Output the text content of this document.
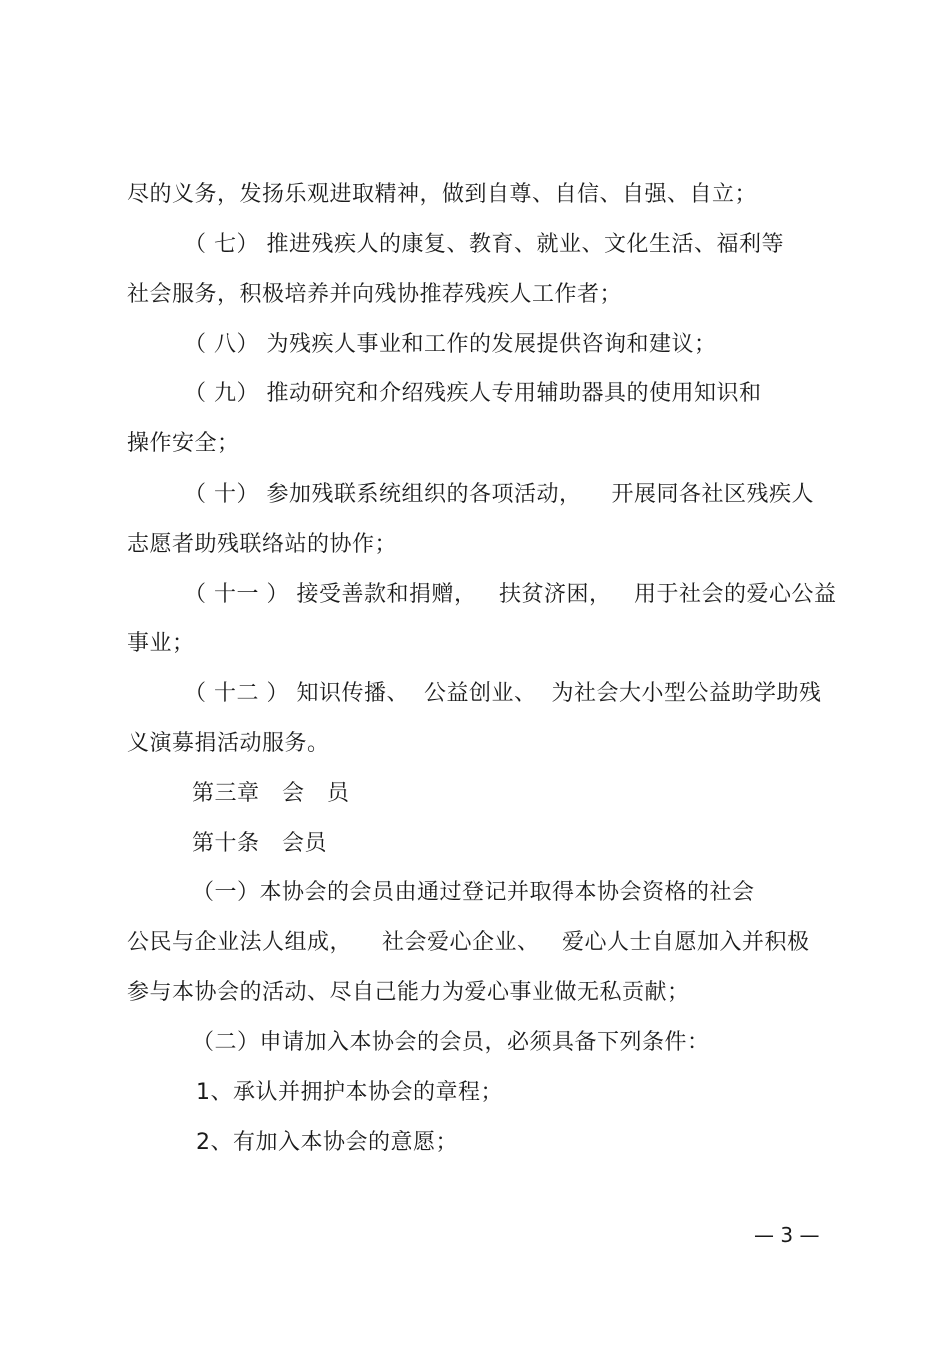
尽的义务，发扬乐观进取精神，做到自尊、自信、自强、自立；
（ 七） 推进残疾人的康复、教育、就业、文化生活、福利等
社会服务，积极培养并向残协推荐残疾人工作者；
（ 八） 为残疾人事业和工作的发展提供咨询和建议；
（ 九） 推动研究和介绍残疾人专用辅助器具的使用知识和
操作安全；
（ 十） 参加残联系统组织的各项活动，    开展同各社区残疾人
志愿者助残联络站的协作；
（ 十一 ） 接受善款和捐赠，   扶贫济困，   用于社会的爱心公益
事业；
（ 十二 ） 知识传播、  公益创业、  为社会大小型公益助学助残
义演募捐活动服务。
第三章   会   员
第十条   会员
（一）本协会的会员由通过登记并取得本协会资格的社会
公民与企业法人组成，    社会爱心企业、   爱心人士自愿加入并积极
参与本协会的活动、尽自己能力为爱心事业做无私贡献；
（二）申请加入本协会的会员，必须具备下列条件：
1、承认并拥护本协会的章程；
2、有加入本协会的意愿；
— 3 —
